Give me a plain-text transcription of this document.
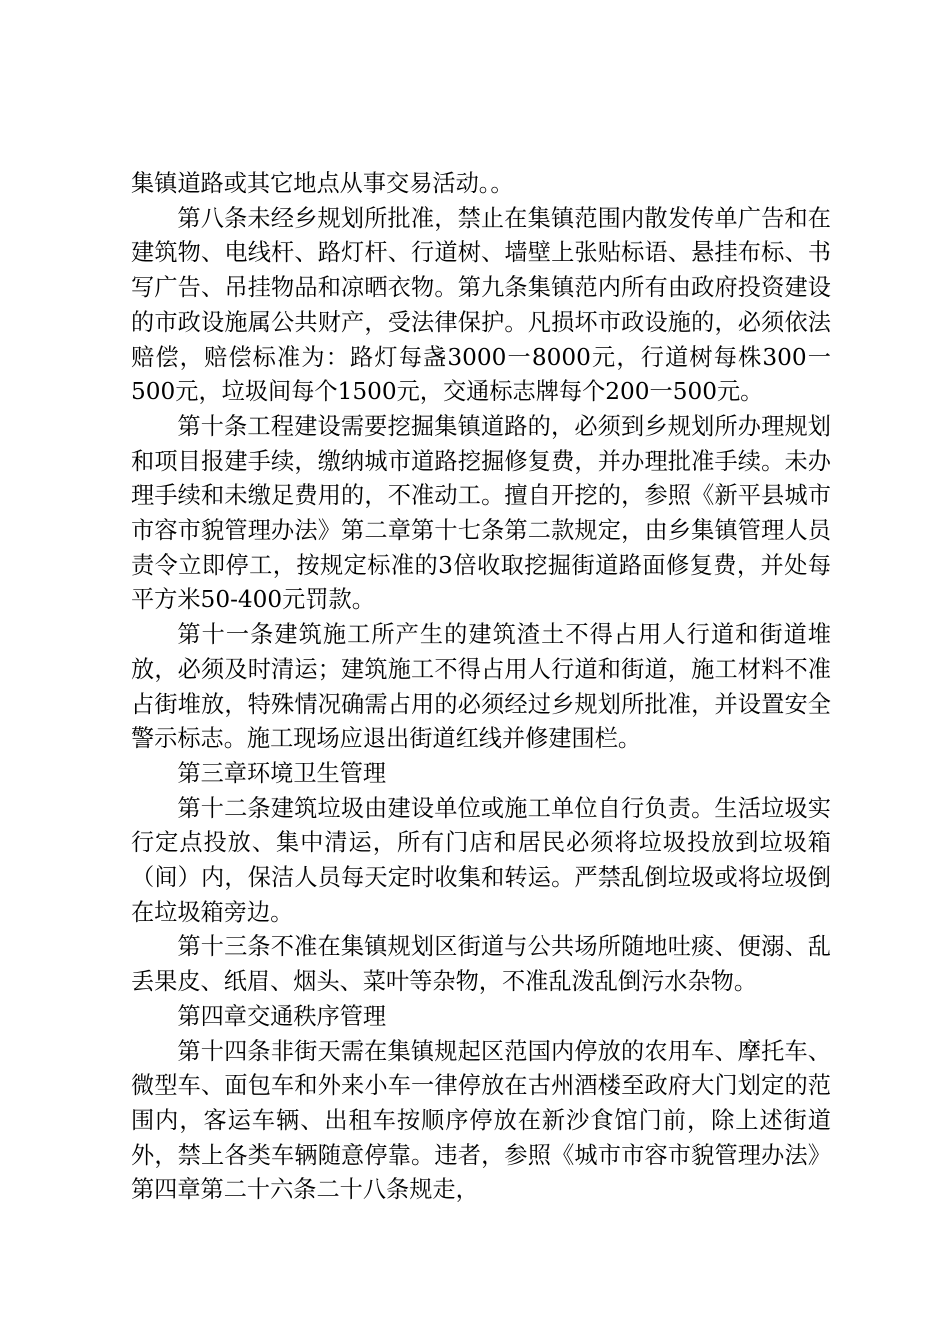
集镇道路或其它地点从事交易活动。。

第八条未经乡规划所批准，禁止在集镇范围内散发传单广告和在建筑物、电线杆、路灯杆、行道树、墙壁上张贴标语、悬挂布标、书写广告、吊挂物品和凉晒衣物。第九条集镇范内所有由政府投资建设的市政设施属公共财产，受法律保护。凡损坏市政设施的，必须依法赔偿，赔偿标准为：路灯每盏3000一8000元，行道树每株300一500元，垃圾间每个1500元，交通标志牌每个200一500元。

第十条工程建设需要挖掘集镇道路的，必须到乡规划所办理规划和项目报建手续，缴纳城市道路挖掘修复费，并办理批准手续。未办理手续和未缴足费用的，不准动工。擅自开挖的，参照《新平县城市市容市貌管理办法》第二章第十七条第二款规定，由乡集镇管理人员责令立即停工，按规定标准的3倍收取挖掘街道路面修复费，并处每平方米50-400元罚款。

第十一条建筑施工所产生的建筑渣土不得占用人行道和街道堆放，必须及时清运；建筑施工不得占用人行道和街道，施工材料不准占街堆放，特殊情况确需占用的必须经过乡规划所批准，并设置安全警示标志。施工现场应退出街道红线并修建围栏。

第三章环境卫生管理

第十二条建筑垃圾由建设单位或施工单位自行负责。生活垃圾实行定点投放、集中清运，所有门店和居民必须将垃圾投放到垃圾箱（间）内，保洁人员每天定时收集和转运。严禁乱倒垃圾或将垃圾倒在垃圾箱旁边。

第十三条不准在集镇规划区街道与公共场所随地吐痰、便溺、乱丢果皮、纸眉、烟头、菜叶等杂物，不准乱泼乱倒污水杂物。

第四章交通秩序管理

第十四条非街天需在集镇规起区范国内停放的农用车、摩托车、微型车、面包车和外来小车一律停放在古州酒楼至政府大门划定的范围内，客运车辆、出租车按顺序停放在新沙食馆门前，除上述街道外，禁上各类车辆随意停靠。违者，参照《城市市容市貌管理办法》第四章第二十六条二十八条规走，
